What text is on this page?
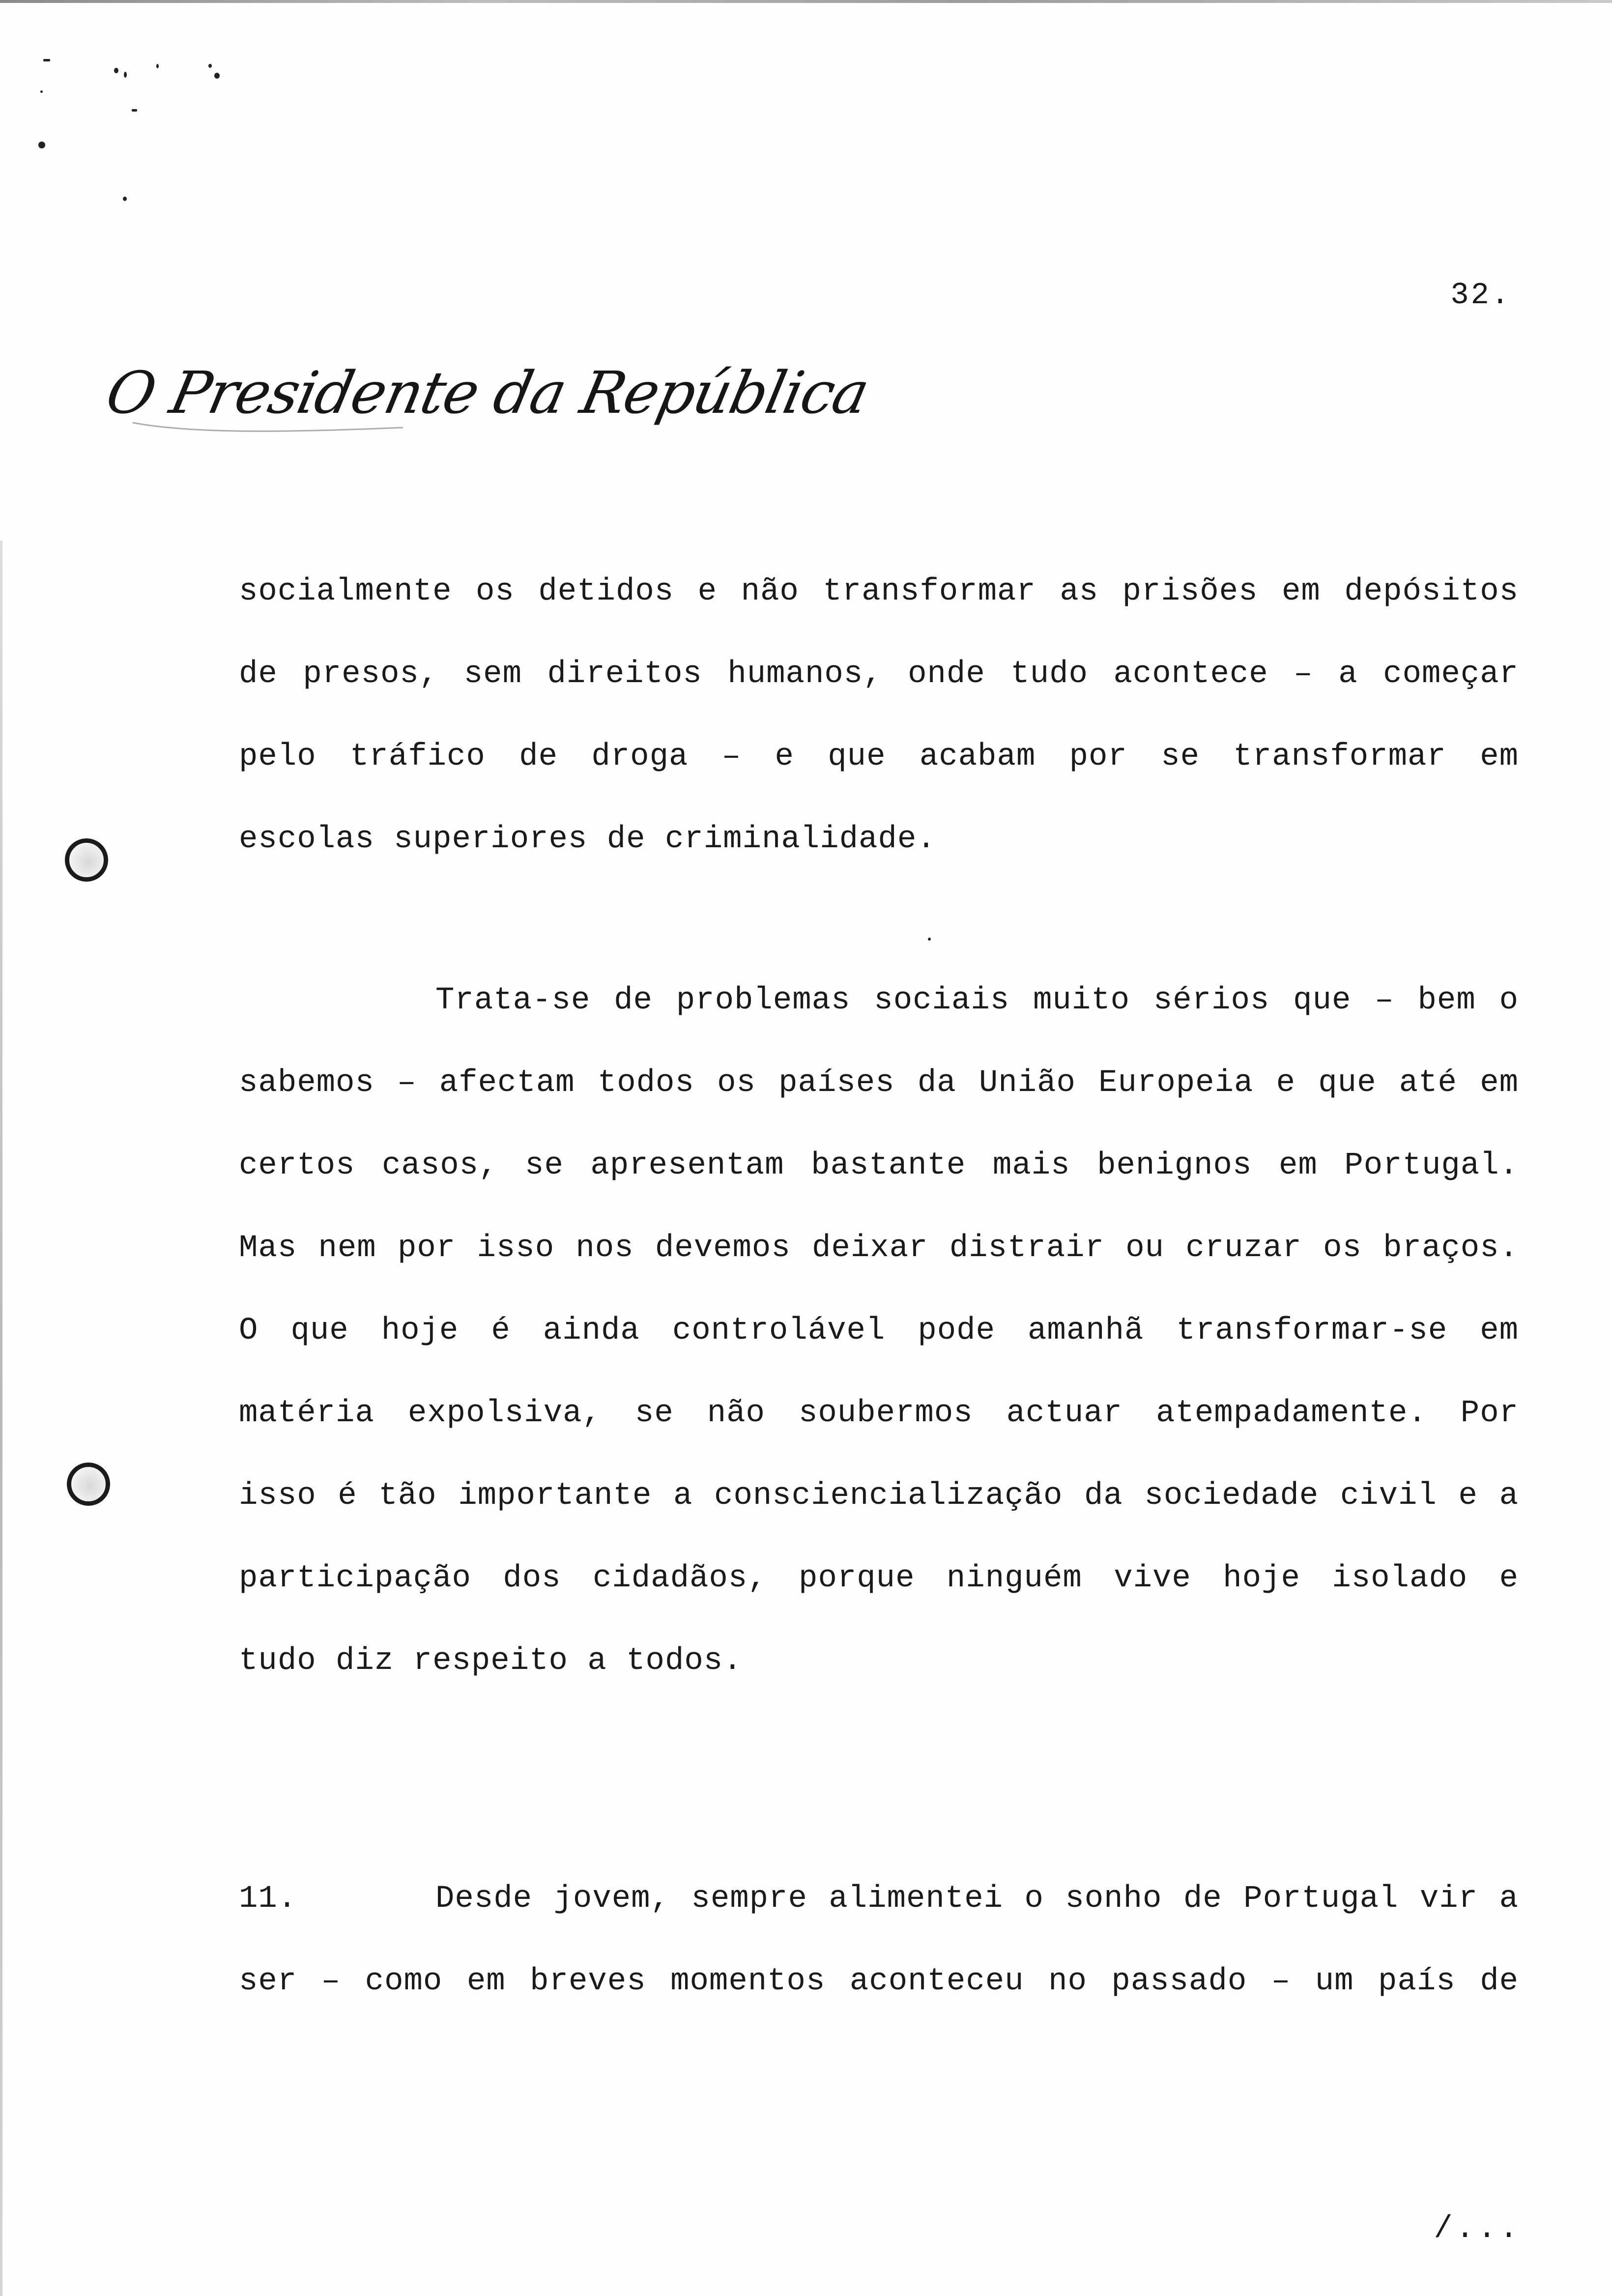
32.
O Presidente da República
socialmente os detidos e não transformar as prisões em depósitos
de presos, sem direitos humanos, onde tudo acontece – a começar
pelo tráfico de droga – e que acabam por se transformar em
escolas superiores de criminalidade.
Trata-se de problemas sociais muito sérios que – bem o
sabemos – afectam todos os países da União Europeia e que até em
certos casos, se apresentam bastante mais benignos em Portugal.
Mas nem por isso nos devemos deixar distrair ou cruzar os braços.
O que hoje é ainda controlável pode amanhã transformar-se em
matéria expolsiva, se não soubermos actuar atempadamente. Por
isso é tão importante a consciencialização da sociedade civil e a
participação dos cidadãos, porque ninguém vive hoje isolado e
tudo diz respeito a todos.
11.	Desde jovem, sempre alimentei o sonho de Portugal vir a
ser – como em breves momentos aconteceu no passado – um país de
/...
